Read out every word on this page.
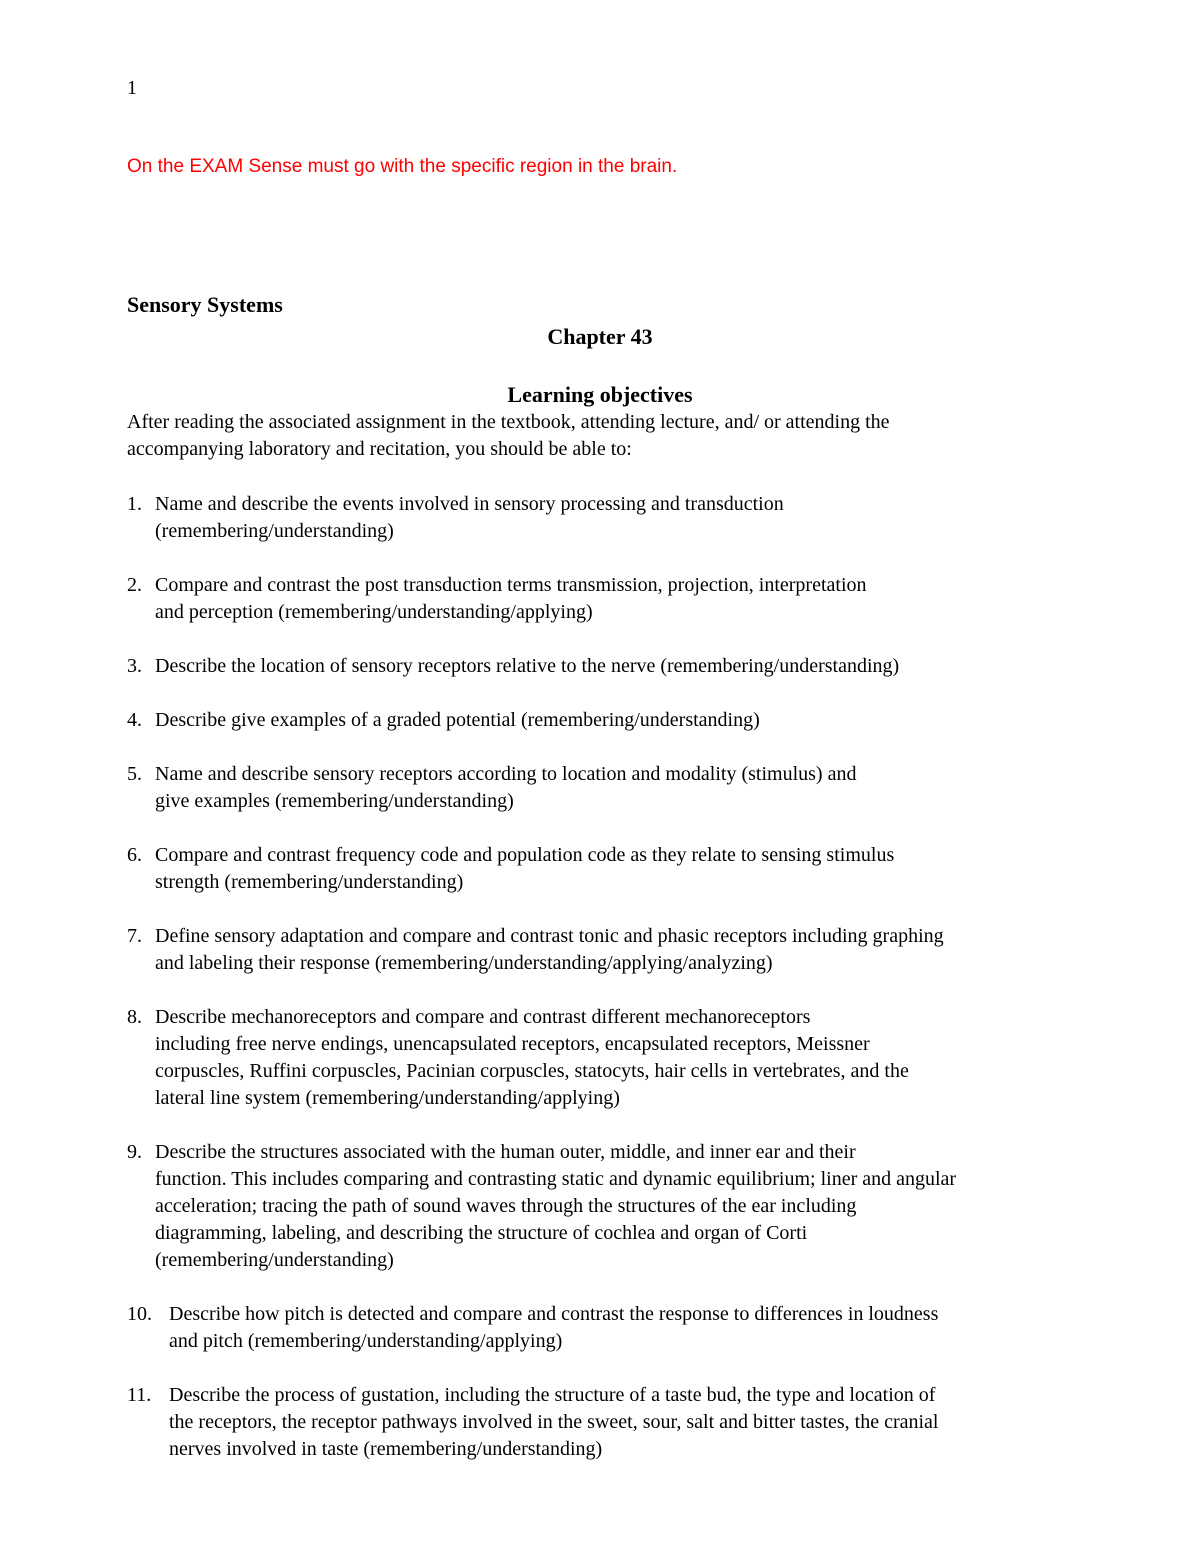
1
On the EXAM Sense must go with the specific region in the brain.
Sensory Systems
Chapter 43
Learning objectives
After reading the associated assignment in the textbook, attending lecture, and/ or attending the
accompanying laboratory and recitation, you should be able to:
1. Name and describe the events involved in sensory processing and transduction
(remembering/understanding)
2. Compare and contrast the post transduction terms transmission, projection, interpretation
and perception (remembering/understanding/applying)
3. Describe the location of sensory receptors relative to the nerve (remembering/understanding)
4. Describe give examples of a graded potential (remembering/understanding)
5. Name and describe sensory receptors according to location and modality (stimulus) and
give examples (remembering/understanding)
6. Compare and contrast frequency code and population code as they relate to sensing stimulus
strength (remembering/understanding)
7. Define sensory adaptation and compare and contrast tonic and phasic receptors including graphing
and labeling their response (remembering/understanding/applying/analyzing)
8. Describe mechanoreceptors and compare and contrast different mechanoreceptors
including free nerve endings, unencapsulated receptors, encapsulated receptors, Meissner
corpuscles, Ruffini corpuscles, Pacinian corpuscles, statocyts, hair cells in vertebrates, and the
lateral line system (remembering/understanding/applying)
9. Describe the structures associated with the human outer, middle, and inner ear and their
function. This includes comparing and contrasting static and dynamic equilibrium; liner and angular
acceleration; tracing the path of sound waves through the structures of the ear including
diagramming, labeling, and describing the structure of cochlea and organ of Corti
(remembering/understanding)
10. Describe how pitch is detected and compare and contrast the response to differences in loudness
and pitch (remembering/understanding/applying)
11. Describe the process of gustation, including the structure of a taste bud, the type and location of
the receptors, the receptor pathways involved in the sweet, sour, salt and bitter tastes, the cranial
nerves involved in taste (remembering/understanding)
